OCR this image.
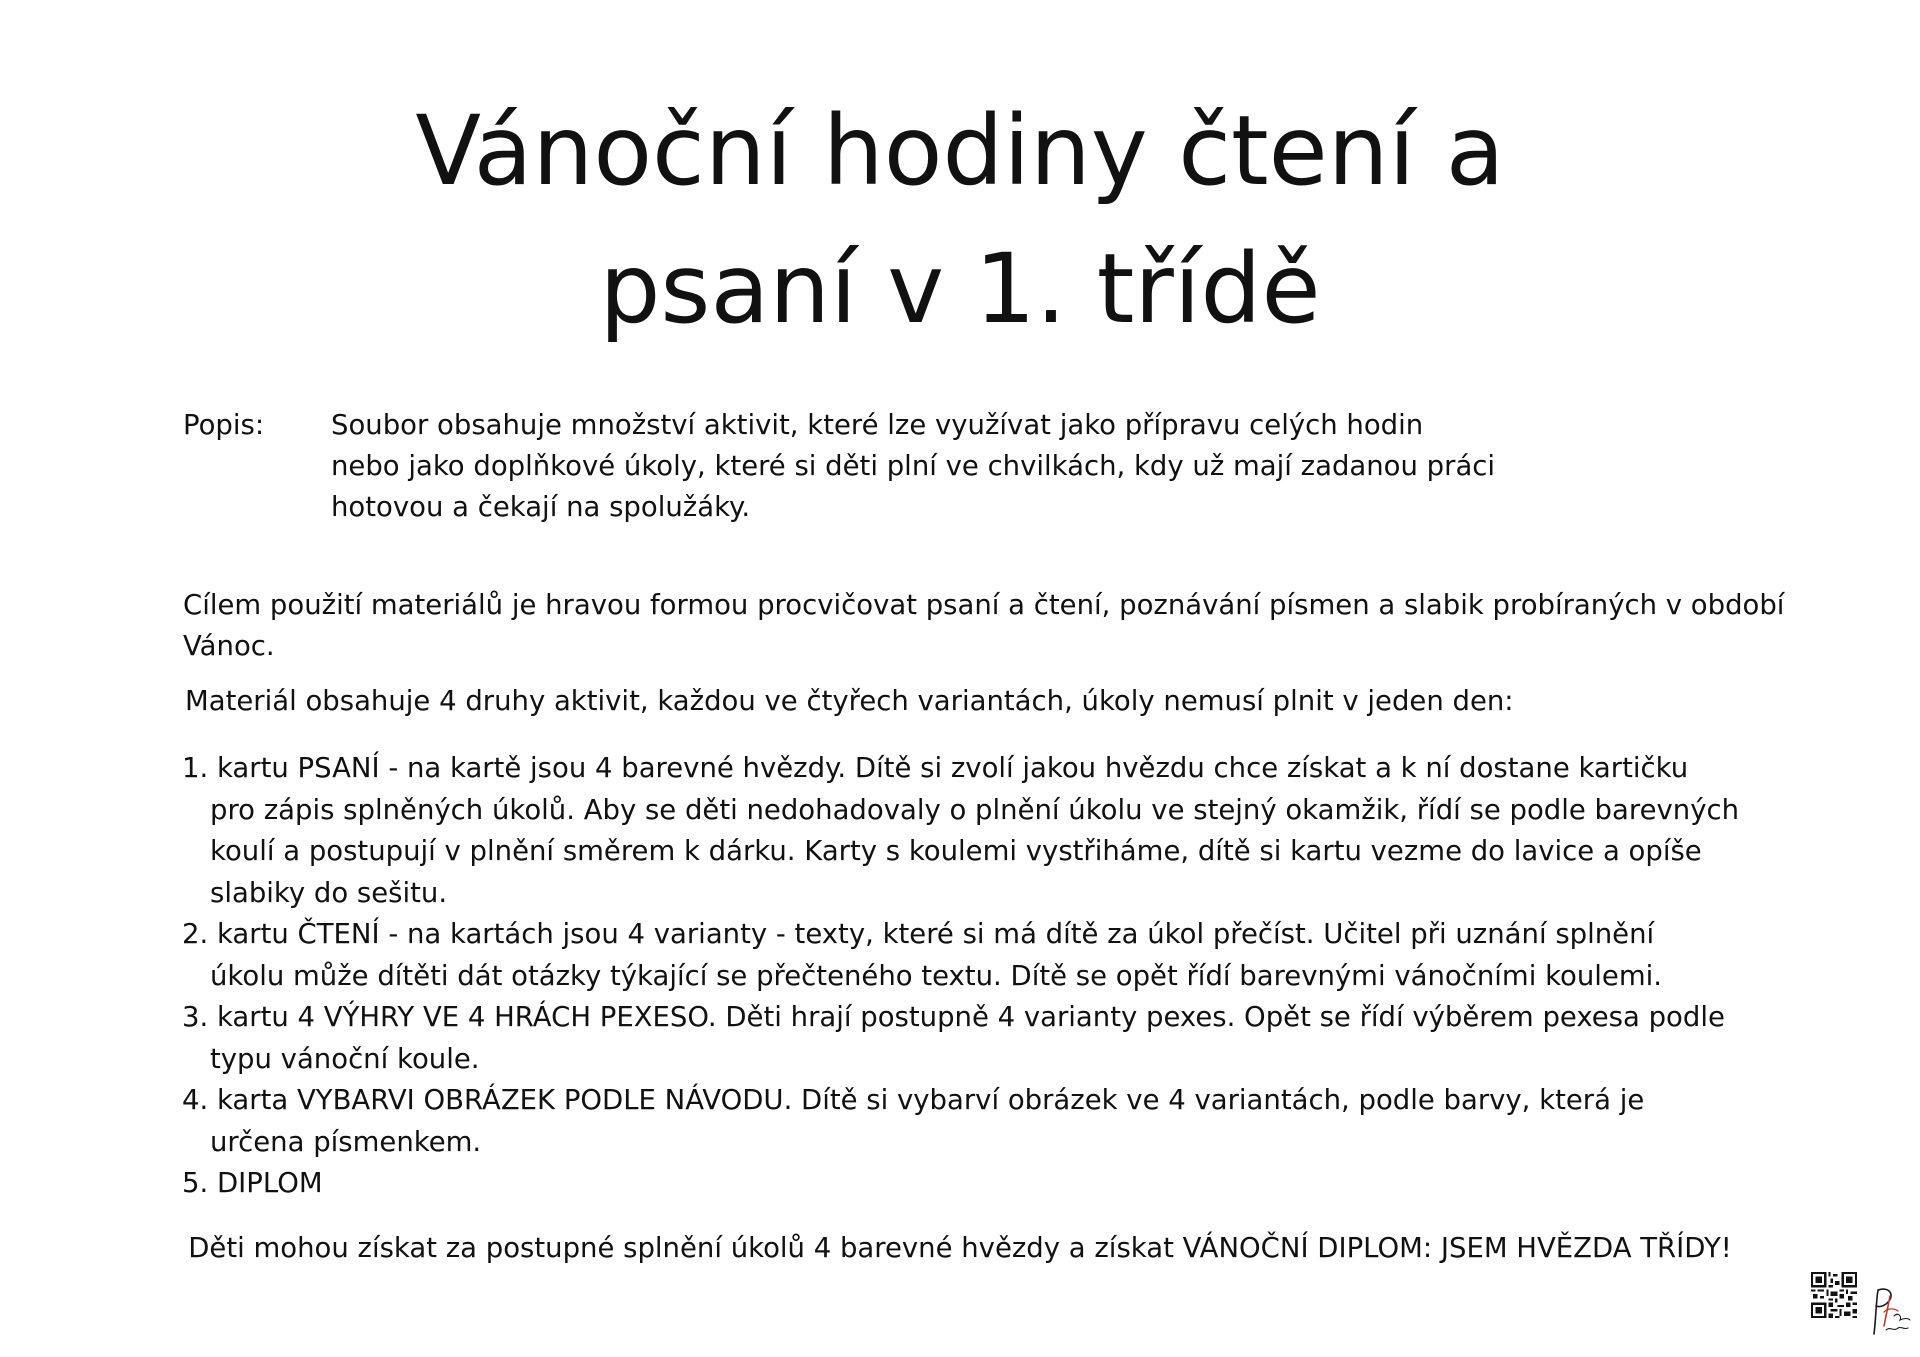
Vánoční hodiny čtení a
psaní v 1. třídě
Popis: Soubor obsahuje množství aktivit, které lze využívat jako přípravu celých hodin
nebo jako doplňkové úkoly, které si děti plní ve chvilkách, kdy už mají zadanou práci
hotovou a čekají na spolužáky.
Cílem použití materiálů je hravou formou procvičovat psaní a čtení, poznávání písmen a slabik probíraných v období
Vánoc.
Materiál obsahuje 4 druhy aktivit, každou ve čtyřech variantách, úkoly nemusí plnit v jeden den:
1. kartu PSANÍ - na kartě jsou 4 barevné hvězdy. Dítě si zvolí jakou hvězdu chce získat a k ní dostane kartičku
pro zápis splněných úkolů. Aby se děti nedohadovaly o plnění úkolu ve stejný okamžik, řídí se podle barevných
koulí a postupují v plnění směrem k dárku. Karty s koulemi vystřiháme, dítě si kartu vezme do lavice a opíše
slabiky do sešitu.
2. kartu ČTENÍ - na kartách jsou 4 varianty - texty, které si má dítě za úkol přečíst. Učitel při uznání splnění
úkolu může dítěti dát otázky týkající se přečteného textu. Dítě se opět řídí barevnými vánočními koulemi.
3. kartu 4 VÝHRY VE 4 HRÁCH PEXESO. Děti hrají postupně 4 varianty pexes. Opět se řídí výběrem pexesa podle
typu vánoční koule.
4. karta VYBARVI OBRÁZEK PODLE NÁVODU. Dítě si vybarví obrázek ve 4 variantách, podle barvy, která je
určena písmenkem.
5. DIPLOM
Děti mohou získat za postupné splnění úkolů 4 barevné hvězdy a získat VÁNOČNÍ DIPLOM: JSEM HVĚZDA TŘÍDY!
